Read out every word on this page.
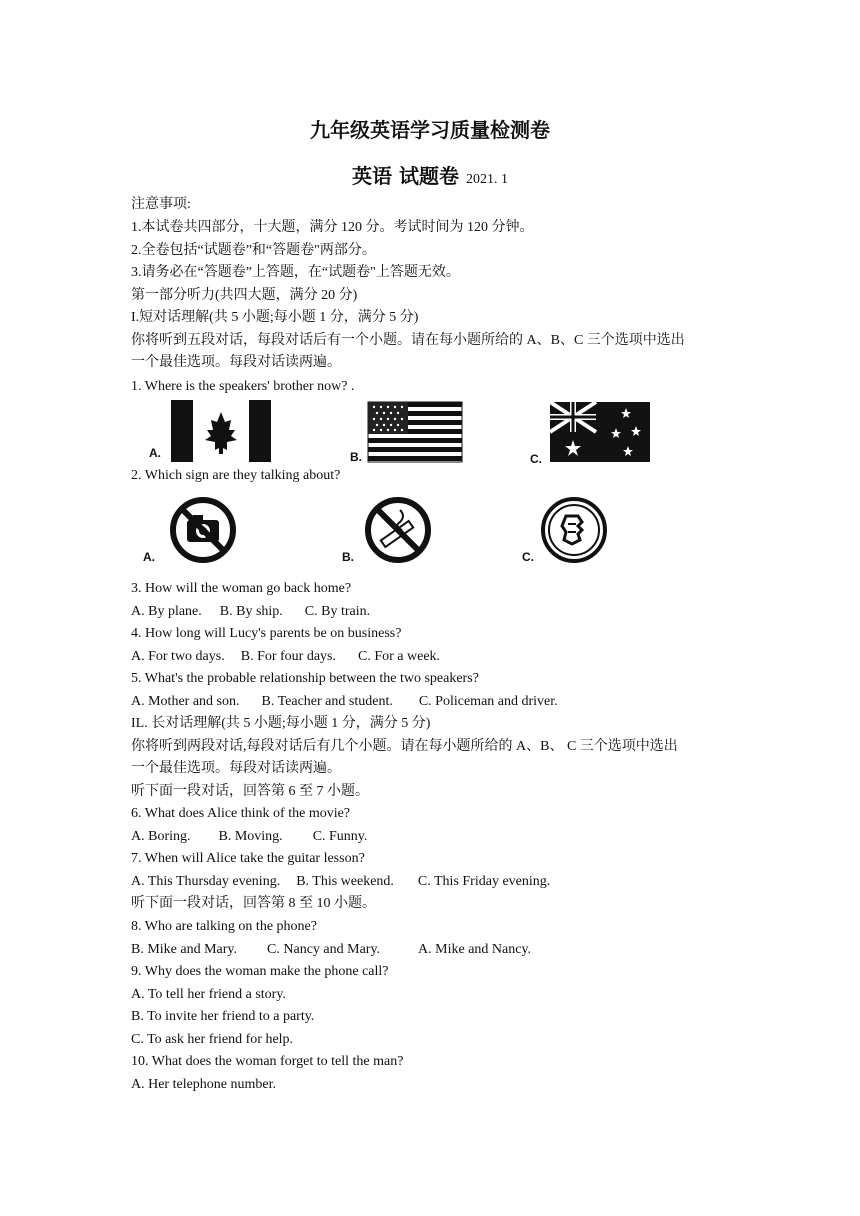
九年级英语学习质量检测卷
英语 试题卷 2021. 1
注意事项:
1.本试卷共四部分，十大题，满分 120 分。考试时间为 120 分钟。
2.全卷包括“试题卷”和“答题卷"两部分。
3.请务必在“答题卷”上答题，在“试题卷"上答题无效。
第一部分听力(共四大题，满分 20 分)
I.短对话理解(共 5 小题;每小题 1 分，满分 5 分)
你将听到五段对话，每段对话后有一个小题。请在每小题所给的 A、B、C 三个选项中选出
一个最佳选项。每段对话读两遍。
1. Where is the speakers' brother now? .
A.	B.	C.
2. Which sign are they talking about?
A.	B.	C.
3. How will the woman go back home?
A. By plane. B. By ship. C. By train.
4. How long will Lucy's parents be on business?
A. For two days. B. For four days. C. For a week.
5. What's the probable relationship between the two speakers?
A. Mother and son. B. Teacher and student. C. Policeman and driver.
IL. 长对话理解(共 5 小题;每小题 1 分，满分 5 分)
你将听到两段对话,每段对话后有几个小题。请在每小题所给的 A、B、 C 三个选项中选出
一个最佳选项。每段对话读两遍。
听下面一段对话，回答第 6 至 7 小题。
6. What does Alice think of the movie?
A. Boring. B. Moving. C. Funny.
7. When will Alice take the guitar lesson?
A. This Thursday evening. B. This weekend. C. This Friday evening.
听下面一段对话，回答第 8 至 10 小题。
8. Who are talking on the phone?
B. Mike and Mary. C. Nancy and Mary.	A. Mike and Nancy.
9. Why does the woman make the phone call?
A. To tell her friend a story.
B. To invite her friend to a party.
C. To ask her friend for help.
10. What does the woman forget to tell the man?
A. Her telephone number.
